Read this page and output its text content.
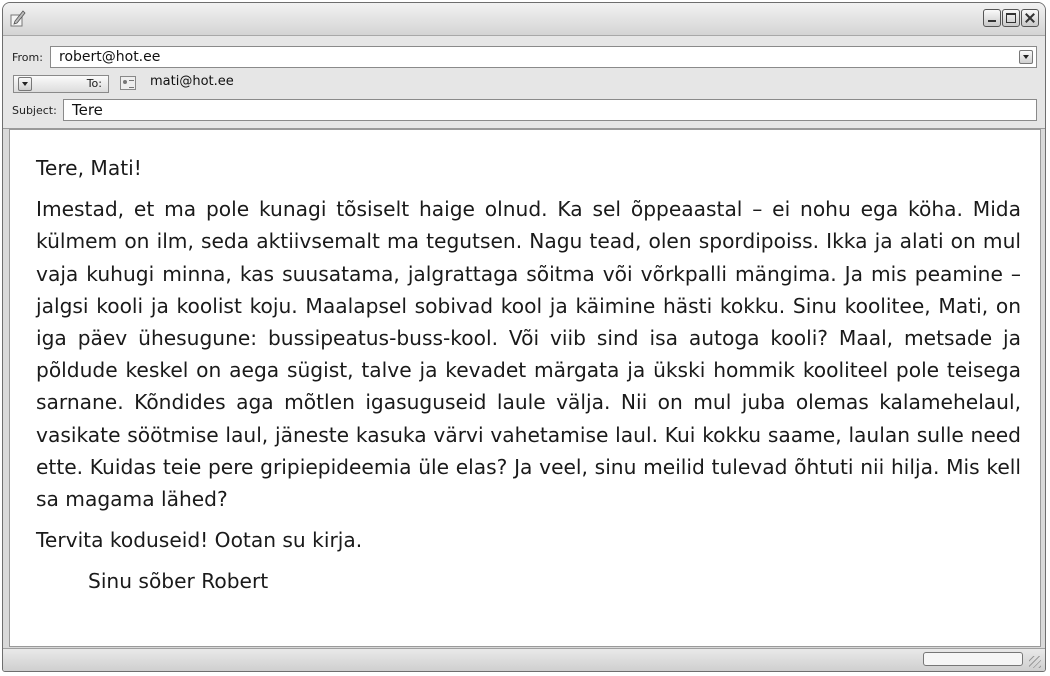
From:	robert@hot.ee
To:	mati@hot.ee
Subject:	Tere

Tere, Mati!

Imestad, et ma pole kunagi tõsiselt haige olnud. Ka sel õppeaastal – ei nohu ega köha. Mida külmem on ilm, seda aktiivsemalt ma tegutsen. Nagu tead, olen spordipoiss. Ikka ja alati on mul vaja kuhugi minna, kas suusatama, jalgrattaga sõitma või võrkpalli mängima. Ja mis peamine – jalgsi kooli ja koolist koju. Maalapsel sobivad kool ja käimine hästi kokku. Sinu koolitee, Mati, on iga päev ühesugune: bussipeatus-buss-kool. Või viib sind isa autoga kooli? Maal, metsade ja põldude keskel on aega sügist, talve ja kevadet märgata ja ükski hommik kooliteel pole teisega sarnane. Kõndides aga mõtlen igasuguseid laule välja. Nii on mul juba olemas kalamehelaul, vasikate söötmise laul, jäneste kasuka värvi vahetamise laul. Kui kokku saame, laulan sulle need ette. Kuidas teie pere gripiepideemia üle elas? Ja veel, sinu meilid tulevad õhtuti nii hilja. Mis kell sa magama lähed?

Tervita koduseid! Ootan su kirja.

Sinu sõber Robert
